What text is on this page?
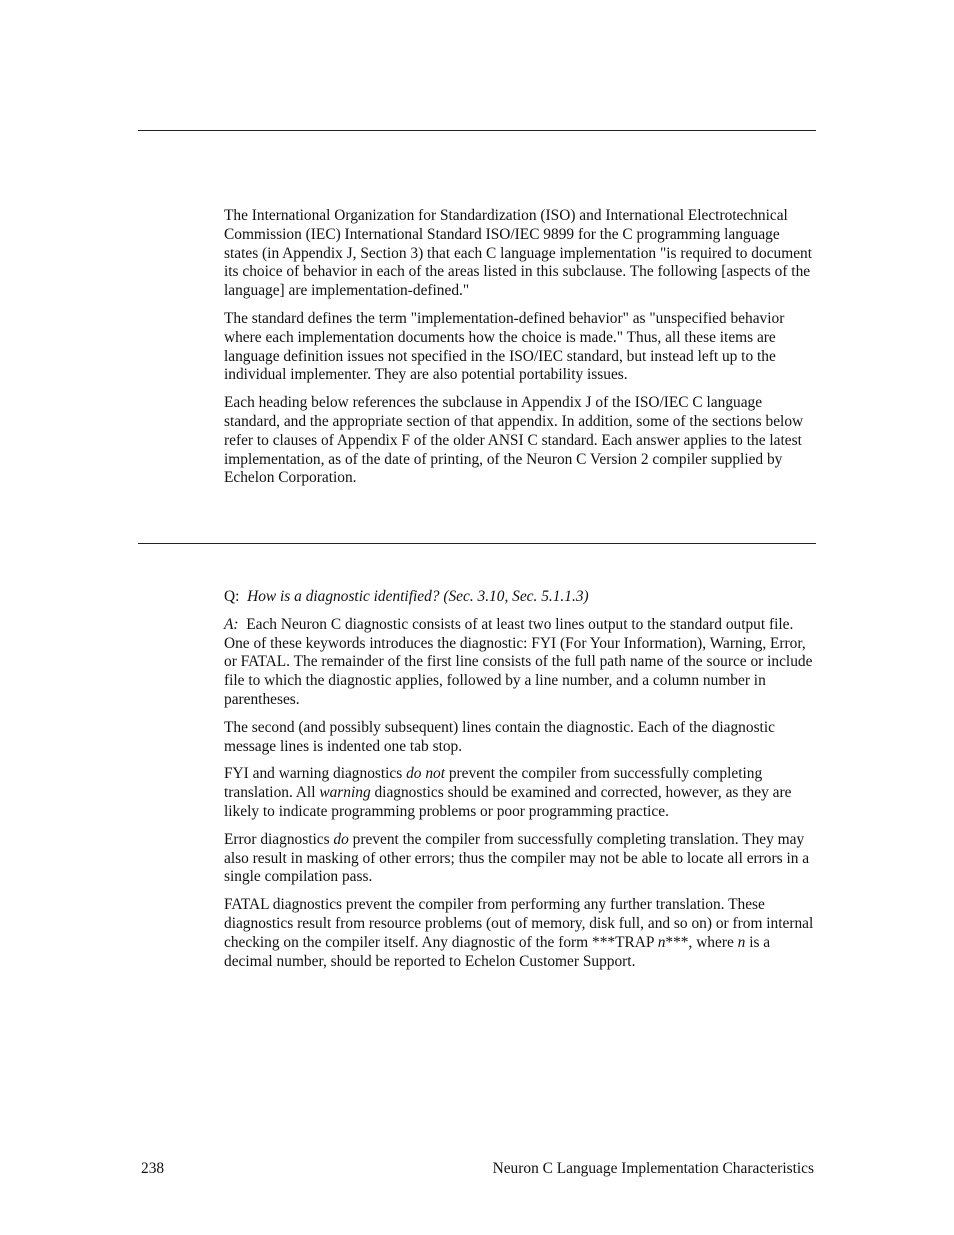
The International Organization for Standardization (ISO) and International Electrotechnical Commission (IEC) International Standard ISO/IEC 9899 for the C programming language states (in Appendix J, Section 3) that each C language implementation "is required to document its choice of behavior in each of the areas listed in this subclause. The following [aspects of the language] are implementation-defined."

The standard defines the term "implementation-defined behavior" as "unspecified behavior where each implementation documents how the choice is made." Thus, all these items are language definition issues not specified in the ISO/IEC standard, but instead left up to the individual implementer. They are also potential portability issues.

Each heading below references the subclause in Appendix J of the ISO/IEC C language standard, and the appropriate section of that appendix. In addition, some of the sections below refer to clauses of Appendix F of the older ANSI C standard. Each answer applies to the latest implementation, as of the date of printing, of the Neuron C Version 2 compiler supplied by Echelon Corporation.

Q: How is a diagnostic identified? (Sec. 3.10, Sec. 5.1.1.3)

A: Each Neuron C diagnostic consists of at least two lines output to the standard output file. One of these keywords introduces the diagnostic: FYI (For Your Information), Warning, Error, or FATAL. The remainder of the first line consists of the full path name of the source or include file to which the diagnostic applies, followed by a line number, and a column number in parentheses.

The second (and possibly subsequent) lines contain the diagnostic. Each of the diagnostic message lines is indented one tab stop.

FYI and warning diagnostics do not prevent the compiler from successfully completing translation. All warning diagnostics should be examined and corrected, however, as they are likely to indicate programming problems or poor programming practice.

Error diagnostics do prevent the compiler from successfully completing translation. They may also result in masking of other errors; thus the compiler may not be able to locate all errors in a single compilation pass.

FATAL diagnostics prevent the compiler from performing any further translation. These diagnostics result from resource problems (out of memory, disk full, and so on) or from internal checking on the compiler itself. Any diagnostic of the form ***TRAP n***, where n is a decimal number, should be reported to Echelon Customer Support.

238	Neuron C Language Implementation Characteristics
